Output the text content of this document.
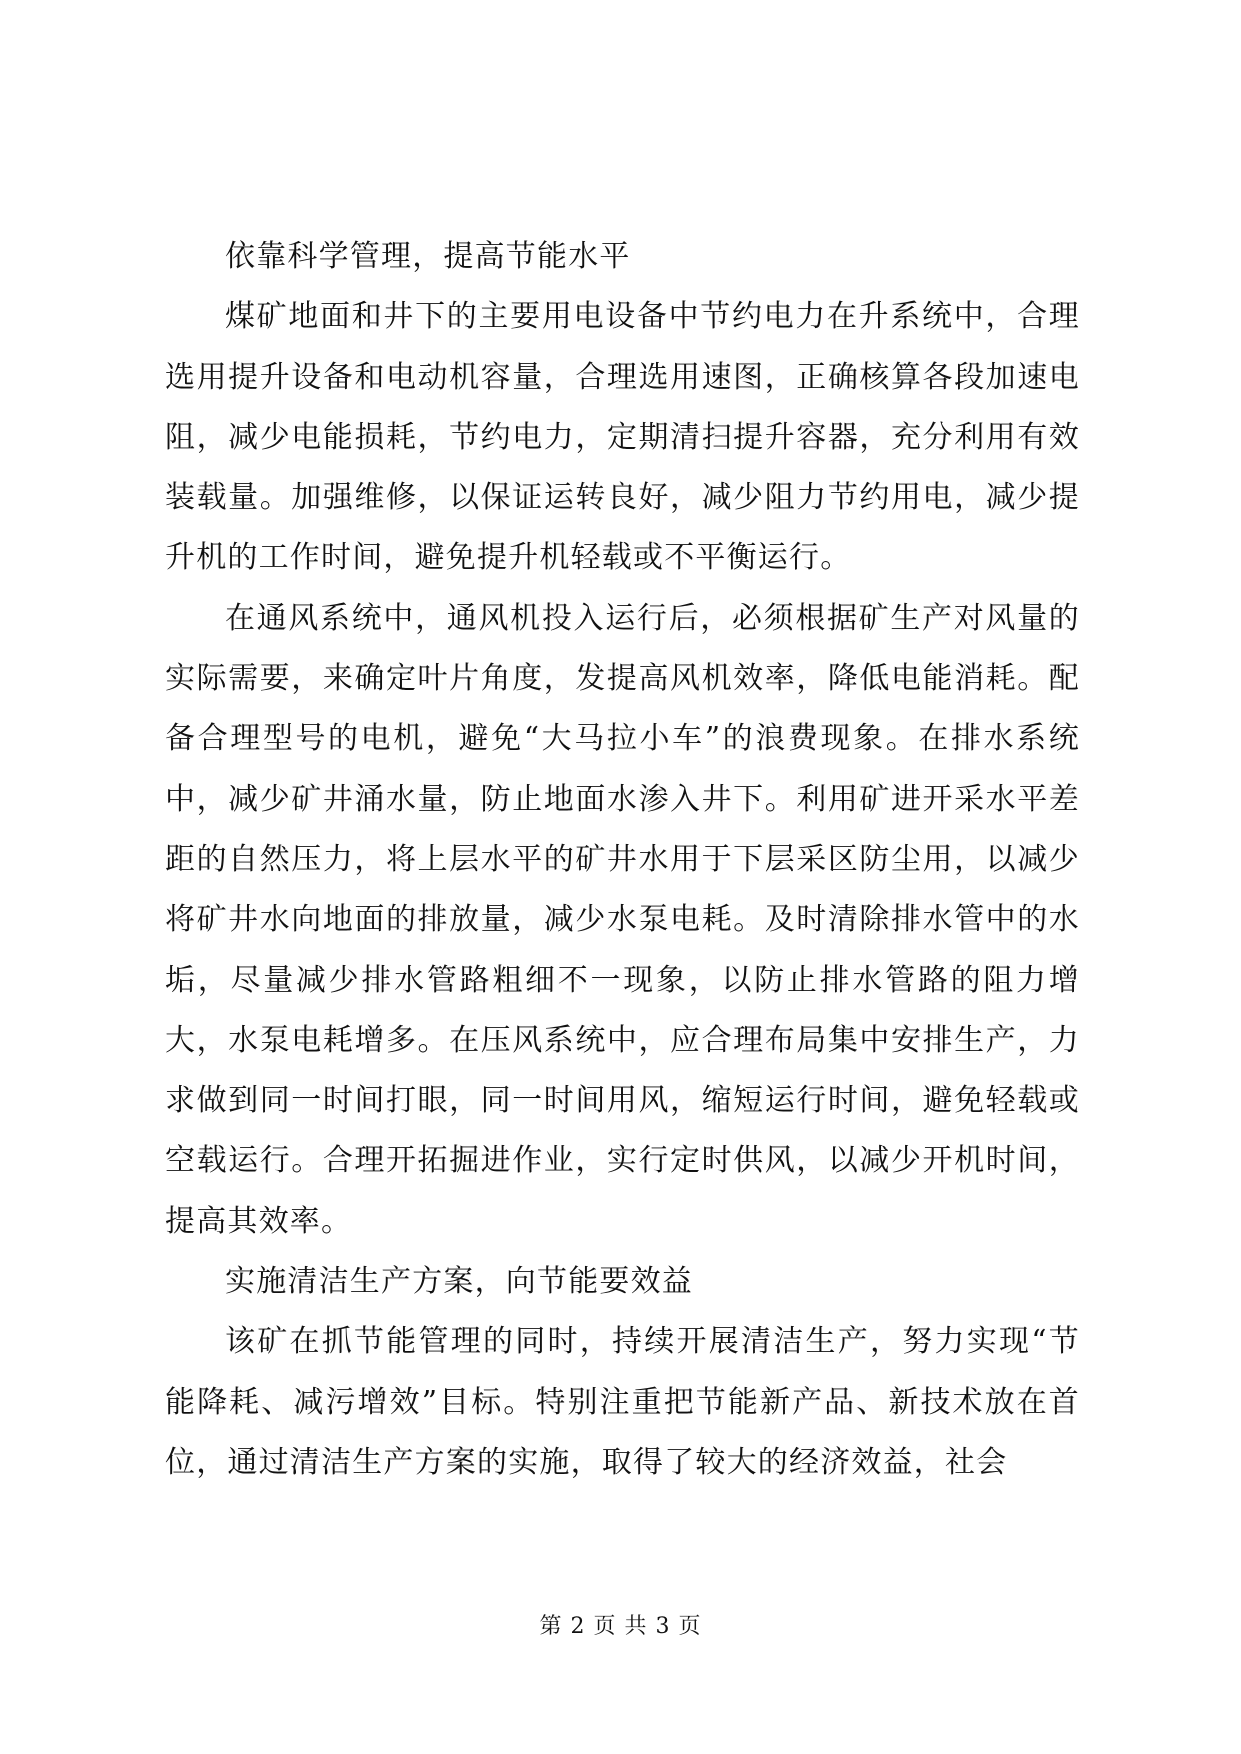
依靠科学管理，提高节能水平

煤矿地面和井下的主要用电设备中节约电力在升系统中，合理选用提升设备和电动机容量，合理选用速图，正确核算各段加速电阻，减少电能损耗，节约电力，定期清扫提升容器，充分利用有效装载量。加强维修，以保证运转良好，减少阻力节约用电，减少提升机的工作时间，避免提升机轻载或不平衡运行。

在通风系统中，通风机投入运行后，必须根据矿生产对风量的实际需要，来确定叶片角度，发提高风机效率，降低电能消耗。配备合理型号的电机，避免“大马拉小车”的浪费现象。在排水系统中，减少矿井涌水量，防止地面水渗入井下。利用矿进开采水平差距的自然压力，将上层水平的矿井水用于下层采区防尘用，以减少将矿井水向地面的排放量，减少水泵电耗。及时清除排水管中的水垢，尽量减少排水管路粗细不一现象，以防止排水管路的阻力增大，水泵电耗增多。在压风系统中，应合理布局集中安排生产，力求做到同一时间打眼，同一时间用风，缩短运行时间，避免轻载或空载运行。合理开拓掘进作业，实行定时供风，以减少开机时间，提高其效率。

实施清洁生产方案，向节能要效益

该矿在抓节能管理的同时，持续开展清洁生产，努力实现“节能降耗、减污增效”目标。特别注重把节能新产品、新技术放在首位，通过清洁生产方案的实施，取得了较大的经济效益，社会

第 2 页 共 3 页
